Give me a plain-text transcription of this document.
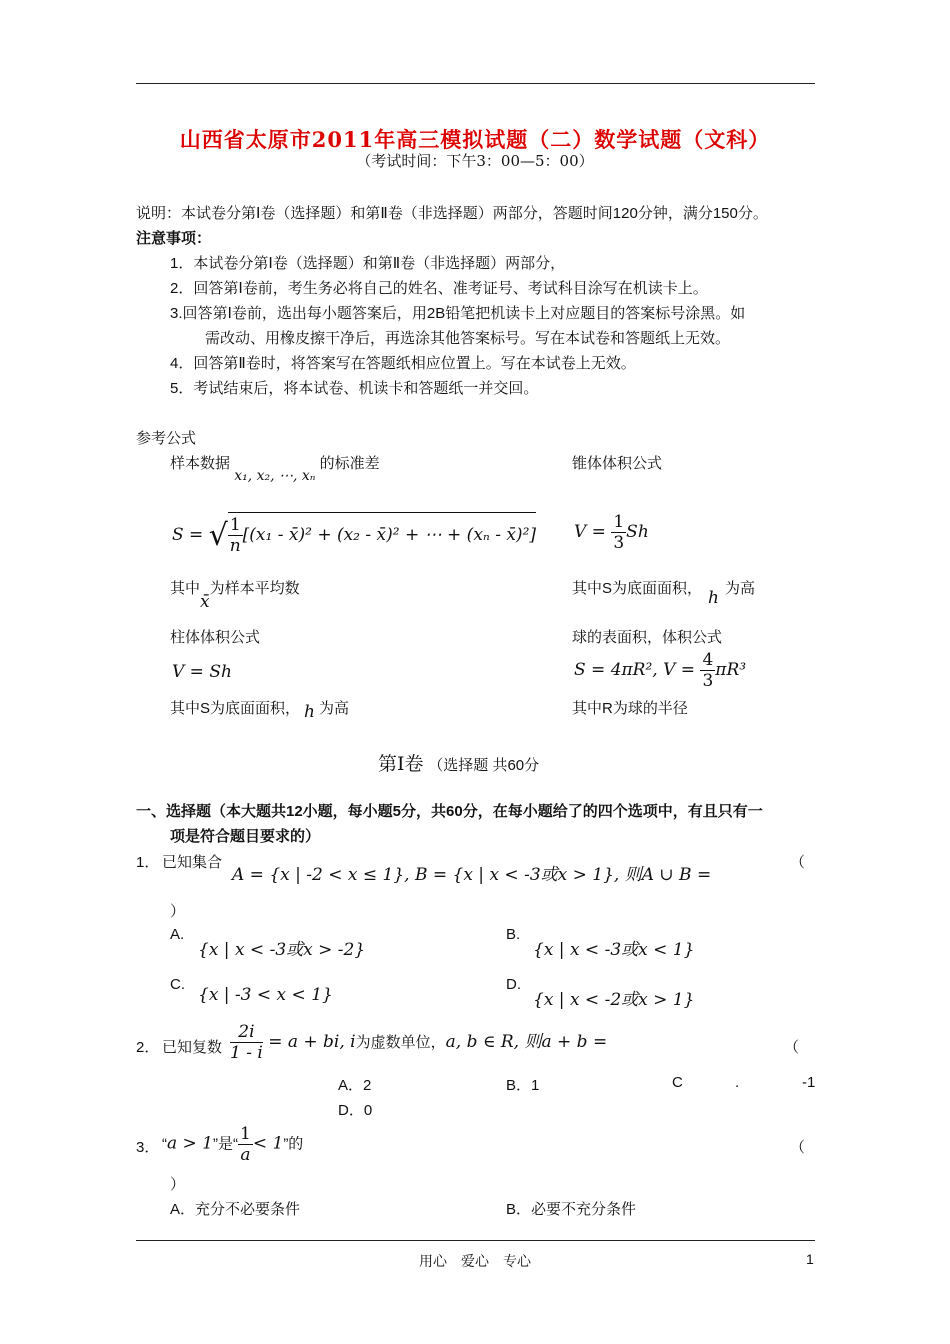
山西省太原市2011年高三模拟试题（二）数学试题（文科）
（考试时间：下午3：00—5：00）
说明：本试卷分第Ⅰ卷（选择题）和第Ⅱ卷（非选择题）两部分，答题时间120分钟，满分150分。
注意事项：
1．本试卷分第Ⅰ卷（选择题）和第Ⅱ卷（非选择题）两部分，
2．回答第Ⅰ卷前，考生务必将自己的姓名、准考证号、考试科目涂写在机读卡上。
3.回答第Ⅰ卷前，选出每小题答案后，用2B铅笔把机读卡上对应题目的答案标号涂黑。如
需改动、用橡皮擦干净后，再选涂其他答案标号。写在本试卷和答题纸上无效。
4．回答第Ⅱ卷时，将答案写在答题纸相应位置上。写在本试卷上无效。
5．考试结束后，将本试卷、机读卡和答题纸一并交回。
参考公式
样本数据 x₁, x₂, ⋯, xₙ 的标准差
S = √ $\frac{1}{n} [(x_1$ - x̄)² + (x₂ - x̄)² + ⋯ + (xₙ - x̄)²]
其中x̄为样本平均数
锥体体积公式
$V = \frac{1}{3}$ Sh
其中S为底面面积， h 为高
柱体体积公式
V = Sh
其中S为底面面积， h 为高
球的表面积，体积公式
S = 4πR², $V = \frac{4}{3} \pi R^3$
其中R为球的半径
第Ⅰ卷 （选择题 共60分
一、选择题（本大题共12小题，每小题5分，共60分，在每小题给了的四个选项中，有且只有一
项是符合题目要求的）
1． 已知集合
A = {x | -2 < x ≤ 1}, B = {x | x < -3或x > 1}, 则A ∪ B =
（
）
A.
{x | x < -3或x > -2}
B.
{x | x < -3或x < 1}
C.
{x | -3 < x < 1}
D.
{x | x < -2或x > 1}
2． 已知复数 $\frac{2i}{1 - i} = a$ + bi, i为虚数单位，a, b ∈ R, 则a + b =	（
A．2	B．1	C	.	-1
D．0
3． “a > 1”是“ $\frac{1}{a} < 1$”的	（
）
A．充分不必要条件	B．必要不充分条件
用心　爱心　专心	1
